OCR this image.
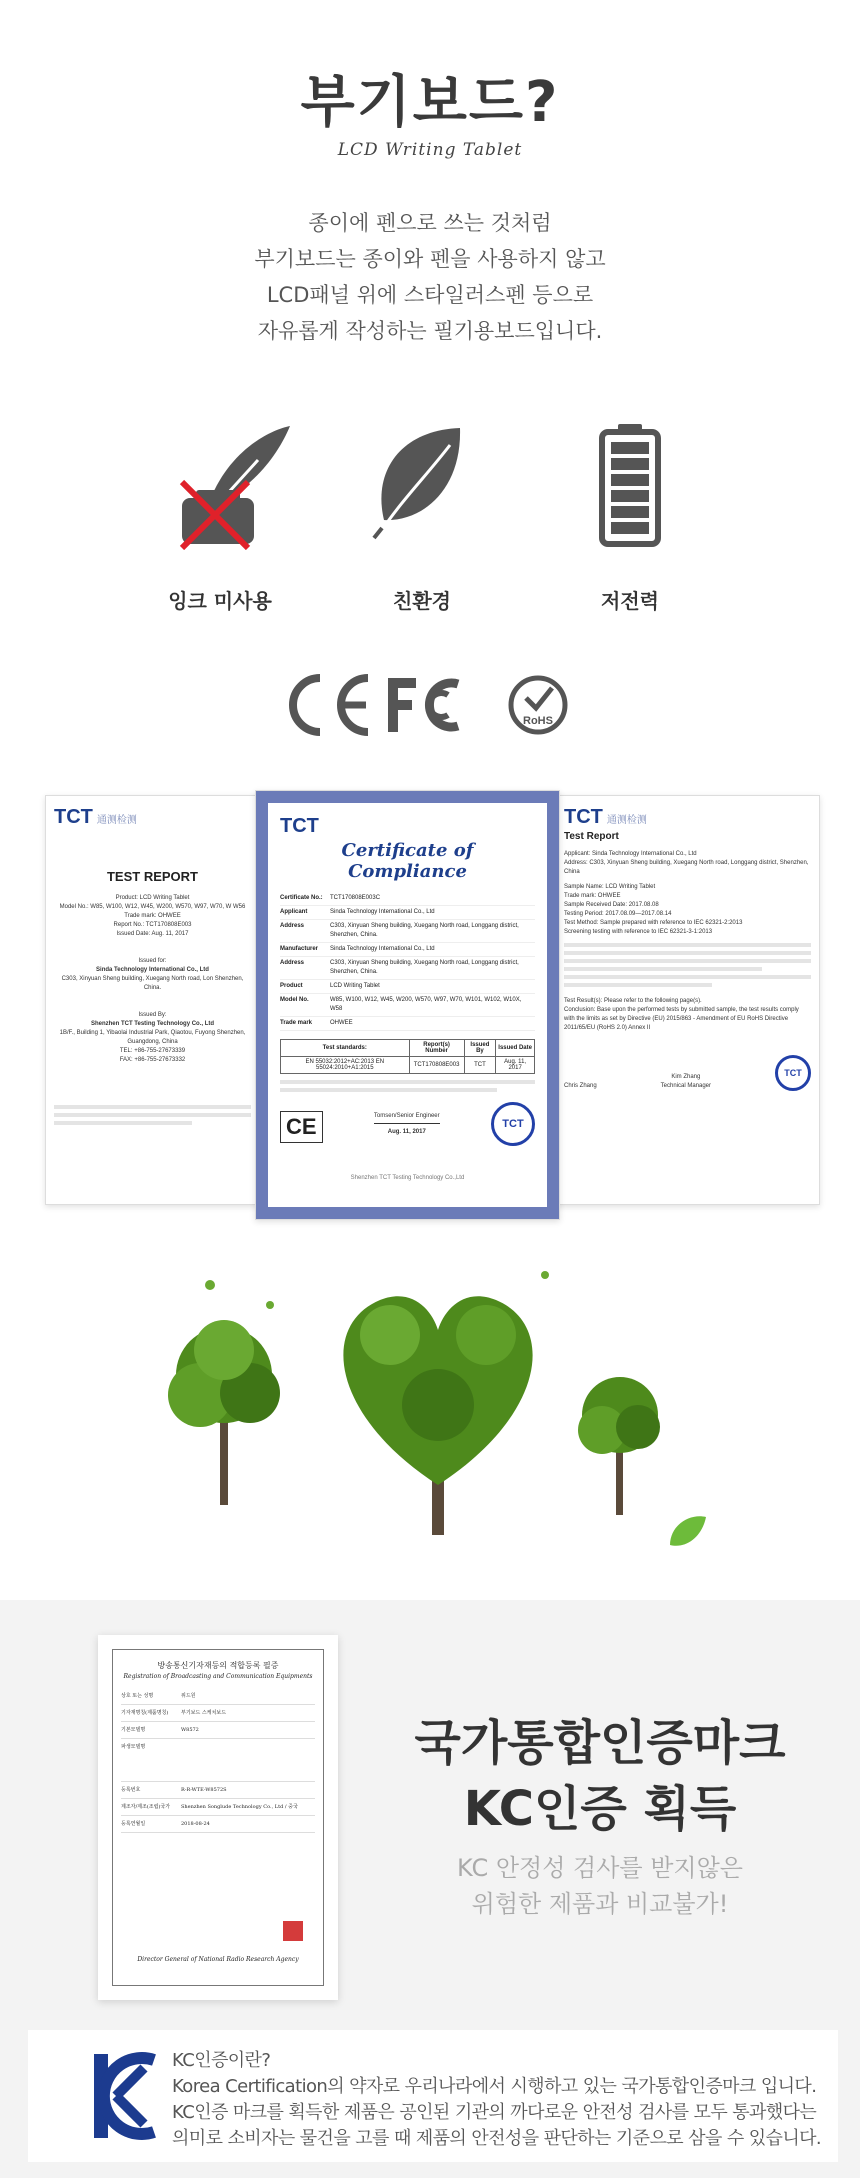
부기보드?
LCD Writing Tablet
종이에 펜으로 쓰는 것처럼
부기보드는 종이와 펜을 사용하지 않고
LCD패널 위에 스타일러스펜 등으로
자유롭게 작성하는 필기용보드입니다.
잉크 미사용	친환경	저전력
RoHS
TCT 通测检测
TEST REPORT
Product: LCD Writing Tablet
Model No.: W85, W100, W12, W45, W200, W570, W97, W70, W W56
Trade mark: OHWEE
Report No.: TCT170808E003
Issued Date: Aug. 11, 2017
Issued for:
Sinda Technology International Co., Ltd
C303, Xinyuan Sheng building, Xuegang North road, Lon Shenzhen, China.
Issued By:
Shenzhen TCT Testing Technology Co., Ltd
1B/F., Building 1, Yibaolai Industrial Park, Qiaotou, Fuyong Shenzhen, Guangdong, China
TEL: +86-755-27673339
FAX: +86-755-27673332
TCT 通测检测
Test Report
Applicant: Sinda Technology International Co., Ltd
Address: C303, Xinyuan Sheng building, Xuegang North road, Longgang district, Shenzhen, China
Sample Name: LCD Writing Tablet
Trade mark: OHWEE
Sample Received Date: 2017.08.08
Testing Period: 2017.08.09—2017.08.14
Test Method: Sample prepared with reference to IEC 62321-2:2013
Screening testing with reference to IEC 62321-3-1:2013
Test Result(s): Please refer to the following page(s).
Conclusion: Base upon the performed tests by submitted sample, the test results comply with the limits as set by Directive (EU) 2015/863 - Amendment of EU RoHS Directive 2011/65/EU (RoHS 2.0) Annex II
Chris Zhang
Kim Zhang
Technical Manager
TCT
TCT
Certificate of Compliance
Certificate No.:	TCT170808E003C
Applicant	Sinda Technology International Co., Ltd
Address	C303, Xinyuan Sheng building, Xuegang North road, Longgang district, Shenzhen, China.
Manufacturer	Sinda Technology International Co., Ltd
Address	C303, Xinyuan Sheng building, Xuegang North road, Longgang district, Shenzhen, China.
Product	LCD Writing Tablet
Model No.	W85, W100, W12, W45, W200, W570, W97, W70, W101, W102, W10X, W58
Trade mark	OHWEE
Test standards:	Report(s) Number	Issued By	Issued Date
EN 55032:2012+AC:2013 EN 55024:2010+A1:2015	TCT170808E003	TCT	Aug. 11, 2017
CE	Tomsen/Senior Engineer
Aug. 11, 2017
TCT
Shenzhen TCT Testing Technology Co.,Ltd
방송통신기자재등의 적합등록 필증
Registration of Broadcasting and Communication Equipments
상호 또는 성명	위드원
기자재명칭(제품명칭)	부기보드 스케치보드
기본모델명	W8572
파생모델명
등록번호	R-R-WTE-W8572S
제조자/제조(조립)국가	Shenzhen Songlude Technology Co., Ltd / 중국
등록연월일	2018-08-24
Director General of National Radio Research Agency
국가통합인증마크
KC인증 획득
KC 안정성 검사를 받지않은
위험한 제품과 비교불가!
KC인증이란?
Korea Certification의 약자로 우리나라에서 시행하고 있는 국가통합인증마크 입니다.
KC인증 마크를 획득한 제품은 공인된 기관의 까다로운 안전성 검사를 모두 통과했다는
의미로 소비자는 물건을 고를 때 제품의 안전성을 판단하는 기준으로 삼을 수 있습니다.
